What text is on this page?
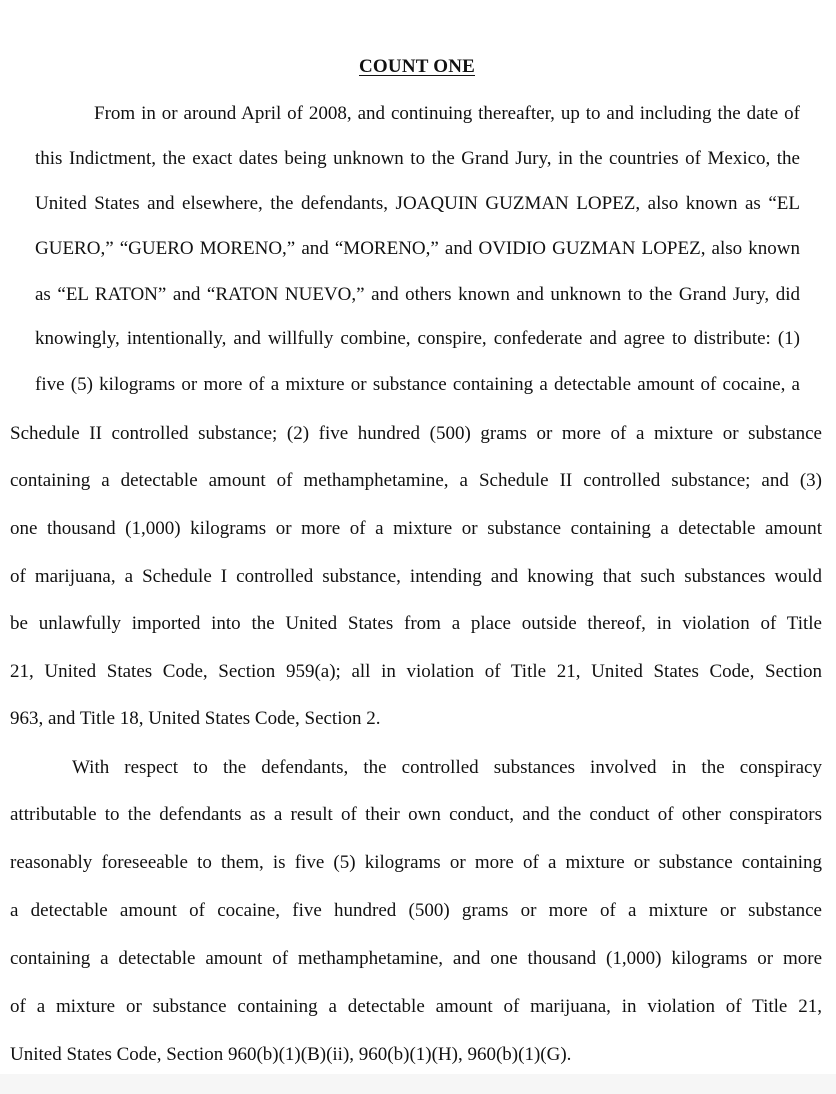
COUNT ONE
From in or around April of 2008, and continuing thereafter, up to and including the date of
this Indictment, the exact dates being unknown to the Grand Jury, in the countries of Mexico, the
United States and elsewhere, the defendants, JOAQUIN GUZMAN LOPEZ, also known as “EL
GUERO,” “GUERO MORENO,” and “MORENO,” and OVIDIO GUZMAN LOPEZ, also known
as “EL RATON” and “RATON NUEVO,” and others known and unknown to the Grand Jury, did
knowingly, intentionally, and willfully combine, conspire, confederate and agree to distribute: (1)
five (5) kilograms or more of a mixture or substance containing a detectable amount of cocaine, a
Schedule II controlled substance; (2) five hundred (500) grams or more of a mixture or substance
containing a detectable amount of methamphetamine, a Schedule II controlled substance; and (3)
one thousand (1,000) kilograms or more of a mixture or substance containing a detectable amount
of marijuana, a Schedule I controlled substance, intending and knowing that such substances would
be unlawfully imported into the United States from a place outside thereof, in violation of Title
21, United States Code, Section 959(a); all in violation of Title 21, United States Code, Section
963, and Title 18, United States Code, Section 2.
With respect to the defendants, the controlled substances involved in the conspiracy
attributable to the defendants as a result of their own conduct, and the conduct of other conspirators
reasonably foreseeable to them, is five (5) kilograms or more of a mixture or substance containing
a detectable amount of cocaine, five hundred (500) grams or more of a mixture or substance
containing a detectable amount of methamphetamine, and one thousand (1,000) kilograms or more
of a mixture or substance containing a detectable amount of marijuana, in violation of Title 21,
United States Code, Section 960(b)(1)(B)(ii), 960(b)(1)(H), 960(b)(1)(G).
